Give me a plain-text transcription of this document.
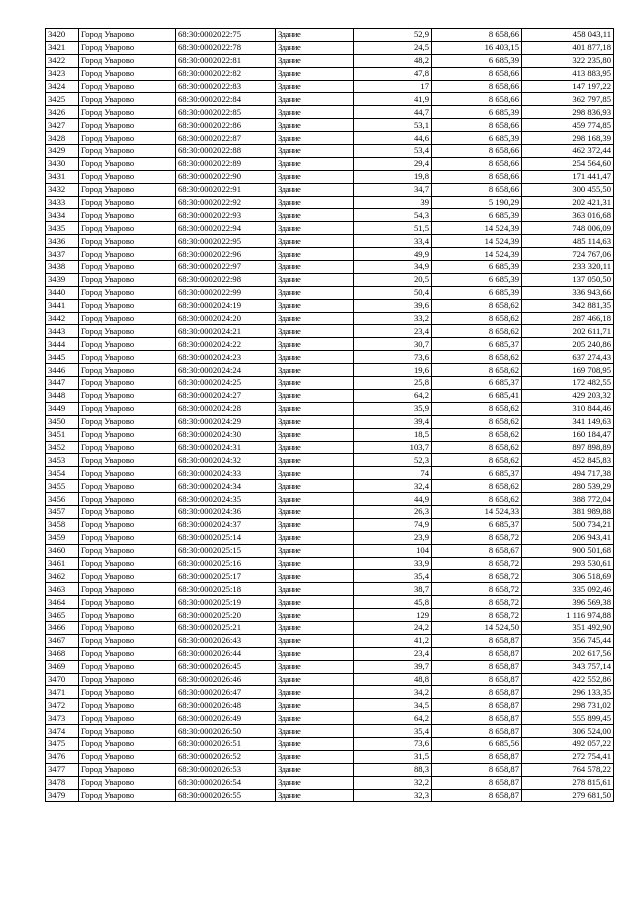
3420	Город Уварово	68:30:0002022:75	Здание	52,9	8 658,66	458 043,11
3421	Город Уварово	68:30:0002022:78	Здание	24,5	16 403,15	401 877,18
3422	Город Уварово	68:30:0002022:81	Здание	48,2	6 685,39	322 235,80
3423	Город Уварово	68:30:0002022:82	Здание	47,8	8 658,66	413 883,95
3424	Город Уварово	68:30:0002022:83	Здание	17	8 658,66	147 197,22
3425	Город Уварово	68:30:0002022:84	Здание	41,9	8 658,66	362 797,85
3426	Город Уварово	68:30:0002022:85	Здание	44,7	6 685,39	298 836,93
3427	Город Уварово	68:30:0002022:86	Здание	53,1	8 658,66	459 774,85
3428	Город Уварово	68:30:0002022:87	Здание	44,6	6 685,39	298 168,39
3429	Город Уварово	68:30:0002022:88	Здание	53,4	8 658,66	462 372,44
3430	Город Уварово	68:30:0002022:89	Здание	29,4	8 658,66	254 564,60
3431	Город Уварово	68:30:0002022:90	Здание	19,8	8 658,66	171 441,47
3432	Город Уварово	68:30:0002022:91	Здание	34,7	8 658,66	300 455,50
3433	Город Уварово	68:30:0002022:92	Здание	39	5 190,29	202 421,31
3434	Город Уварово	68:30:0002022:93	Здание	54,3	6 685,39	363 016,68
3435	Город Уварово	68:30:0002022:94	Здание	51,5	14 524,39	748 006,09
3436	Город Уварово	68:30:0002022:95	Здание	33,4	14 524,39	485 114,63
3437	Город Уварово	68:30:0002022:96	Здание	49,9	14 524,39	724 767,06
3438	Город Уварово	68:30:0002022:97	Здание	34,9	6 685,39	233 320,11
3439	Город Уварово	68:30:0002022:98	Здание	20,5	6 685,39	137 050,50
3440	Город Уварово	68:30:0002022:99	Здание	50,4	6 685,39	336 943,66
3441	Город Уварово	68:30:0002024:19	Здание	39,6	8 658,62	342 881,35
3442	Город Уварово	68:30:0002024:20	Здание	33,2	8 658,62	287 466,18
3443	Город Уварово	68:30:0002024:21	Здание	23,4	8 658,62	202 611,71
3444	Город Уварово	68:30:0002024:22	Здание	30,7	6 685,37	205 240,86
3445	Город Уварово	68:30:0002024:23	Здание	73,6	8 658,62	637 274,43
3446	Город Уварово	68:30:0002024:24	Здание	19,6	8 658,62	169 708,95
3447	Город Уварово	68:30:0002024:25	Здание	25,8	6 685,37	172 482,55
3448	Город Уварово	68:30:0002024:27	Здание	64,2	6 685,41	429 203,32
3449	Город Уварово	68:30:0002024:28	Здание	35,9	8 658,62	310 844,46
3450	Город Уварово	68:30:0002024:29	Здание	39,4	8 658,62	341 149,63
3451	Город Уварово	68:30:0002024:30	Здание	18,5	8 658,62	160 184,47
3452	Город Уварово	68:30:0002024:31	Здание	103,7	8 658,62	897 898,89
3453	Город Уварово	68:30:0002024:32	Здание	52,3	8 658,62	452 845,83
3454	Город Уварово	68:30:0002024:33	Здание	74	6 685,37	494 717,38
3455	Город Уварово	68:30:0002024:34	Здание	32,4	8 658,62	280 539,29
3456	Город Уварово	68:30:0002024:35	Здание	44,9	8 658,62	388 772,04
3457	Город Уварово	68:30:0002024:36	Здание	26,3	14 524,33	381 989,88
3458	Город Уварово	68:30:0002024:37	Здание	74,9	6 685,37	500 734,21
3459	Город Уварово	68:30:0002025:14	Здание	23,9	8 658,72	206 943,41
3460	Город Уварово	68:30:0002025:15	Здание	104	8 658,67	900 501,68
3461	Город Уварово	68:30:0002025:16	Здание	33,9	8 658,72	293 530,61
3462	Город Уварово	68:30:0002025:17	Здание	35,4	8 658,72	306 518,69
3463	Город Уварово	68:30:0002025:18	Здание	38,7	8 658,72	335 092,46
3464	Город Уварово	68:30:0002025:19	Здание	45,8	8 658,72	396 569,38
3465	Город Уварово	68:30:0002025:20	Здание	129	8 658,72	1 116 974,88
3466	Город Уварово	68:30:0002025:21	Здание	24,2	14 524,50	351 492,90
3467	Город Уварово	68:30:0002026:43	Здание	41,2	8 658,87	356 745,44
3468	Город Уварово	68:30:0002026:44	Здание	23,4	8 658,87	202 617,56
3469	Город Уварово	68:30:0002026:45	Здание	39,7	8 658,87	343 757,14
3470	Город Уварово	68:30:0002026:46	Здание	48,8	8 658,87	422 552,86
3471	Город Уварово	68:30:0002026:47	Здание	34,2	8 658,87	296 133,35
3472	Город Уварово	68:30:0002026:48	Здание	34,5	8 658,87	298 731,02
3473	Город Уварово	68:30:0002026:49	Здание	64,2	8 658,87	555 899,45
3474	Город Уварово	68:30:0002026:50	Здание	35,4	8 658,87	306 524,00
3475	Город Уварово	68:30:0002026:51	Здание	73,6	6 685,56	492 057,22
3476	Город Уварово	68:30:0002026:52	Здание	31,5	8 658,87	272 754,41
3477	Город Уварово	68:30:0002026:53	Здание	88,3	8 658,87	764 578,22
3478	Город Уварово	68:30:0002026:54	Здание	32,2	8 658,87	278 815,61
3479	Город Уварово	68:30:0002026:55	Здание	32,3	8 658,87	279 681,50
